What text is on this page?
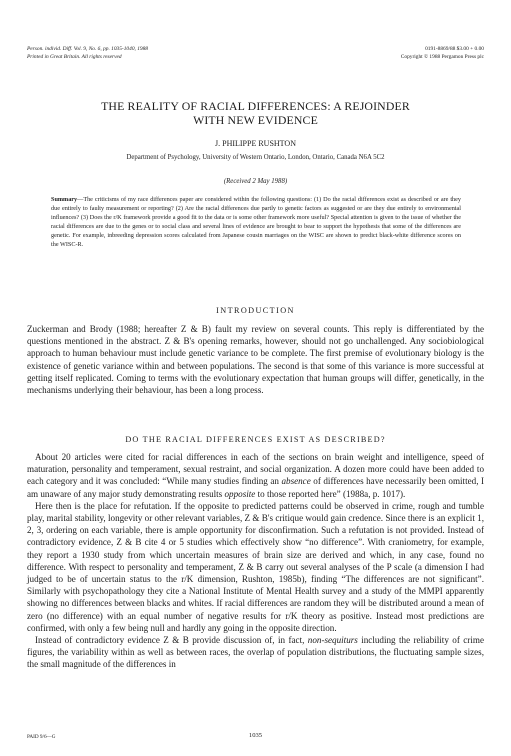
Person. individ. Diff. Vol. 9, No. 6, pp. 1035-1040, 1988
Printed in Great Britain. All rights reserved
0191-8869/88 $3.00 + 0.00
Copyright © 1988 Pergamon Press plc
THE REALITY OF RACIAL DIFFERENCES: A REJOINDER
WITH NEW EVIDENCE
J. PHILIPPE RUSHTON
Department of Psychology, University of Western Ontario, London, Ontario, Canada N6A 5C2
(Received 2 May 1988)
Summary—The criticisms of my race differences paper are considered within the following questions: (1) Do the racial differences exist as described or are they due entirely to faulty measurement or reporting? (2) Are the racial differences due partly to genetic factors as suggested or are they due entirely to environmental influences? (3) Does the r/K framework provide a good fit to the data or is some other framework more useful? Special attention is given to the issue of whether the racial differences are due to the genes or to social class and several lines of evidence are brought to bear to support the hypothesis that some of the differences are genetic. For example, inbreeding depression scores calculated from Japanese cousin marriages on the WISC are shown to predict black-white difference scores on the WISC-R.
INTRODUCTION

Zuckerman and Brody (1988; hereafter Z & B) fault my review on several counts. This reply is differentiated by the questions mentioned in the abstract. Z & B's opening remarks, however, should not go unchallenged. Any sociobiological approach to human behaviour must include genetic variance to be complete. The first premise of evolutionary biology is the existence of genetic variance within and between populations. The second is that some of this variance is more successful at getting itself replicated. Coming to terms with the evolutionary expectation that human groups will differ, genetically, in the mechanisms underlying their behaviour, has been a long process.

DO THE RACIAL DIFFERENCES EXIST AS DESCRIBED?

About 20 articles were cited for racial differences in each of the sections on brain weight and intelligence, speed of maturation, personality and temperament, sexual restraint, and social organization. A dozen more could have been added to each category and it was concluded: “While many studies finding an absence of differences have necessarily been omitted, I am unaware of any major study demonstrating results opposite to those reported here” (1988a, p. 1017).

Here then is the place for refutation. If the opposite to predicted patterns could be observed in crime, rough and tumble play, marital stability, longevity or other relevant variables, Z & B's critique would gain credence. Since there is an explicit 1, 2, 3, ordering on each variable, there is ample opportunity for disconfirmation. Such a refutation is not provided. Instead of contradictory evidence, Z & B cite 4 or 5 studies which effectively show “no difference”. With craniometry, for example, they report a 1930 study from which uncertain measures of brain size are derived and which, in any case, found no difference. With respect to personality and temperament, Z & B carry out several analyses of the P scale (a dimension I had judged to be of uncertain status to the r/K dimension, Rushton, 1985b), finding “The differences are not significant”. Similarly with psychopathology they cite a National Institute of Mental Health survey and a study of the MMPI apparently showing no differences between blacks and whites. If racial differences are random they will be distributed around a mean of zero (no difference) with an equal number of negative results for r/K theory as positive. Instead most predictions are confirmed, with only a few being null and hardly any going in the opposite direction.

Instead of contradictory evidence Z & B provide discussion of, in fact, non-sequiturs including the reliability of crime figures, the variability within as well as between races, the overlap of population distributions, the fluctuating sample sizes, the small magnitude of the differences in

PAID 9/6—G	1035
